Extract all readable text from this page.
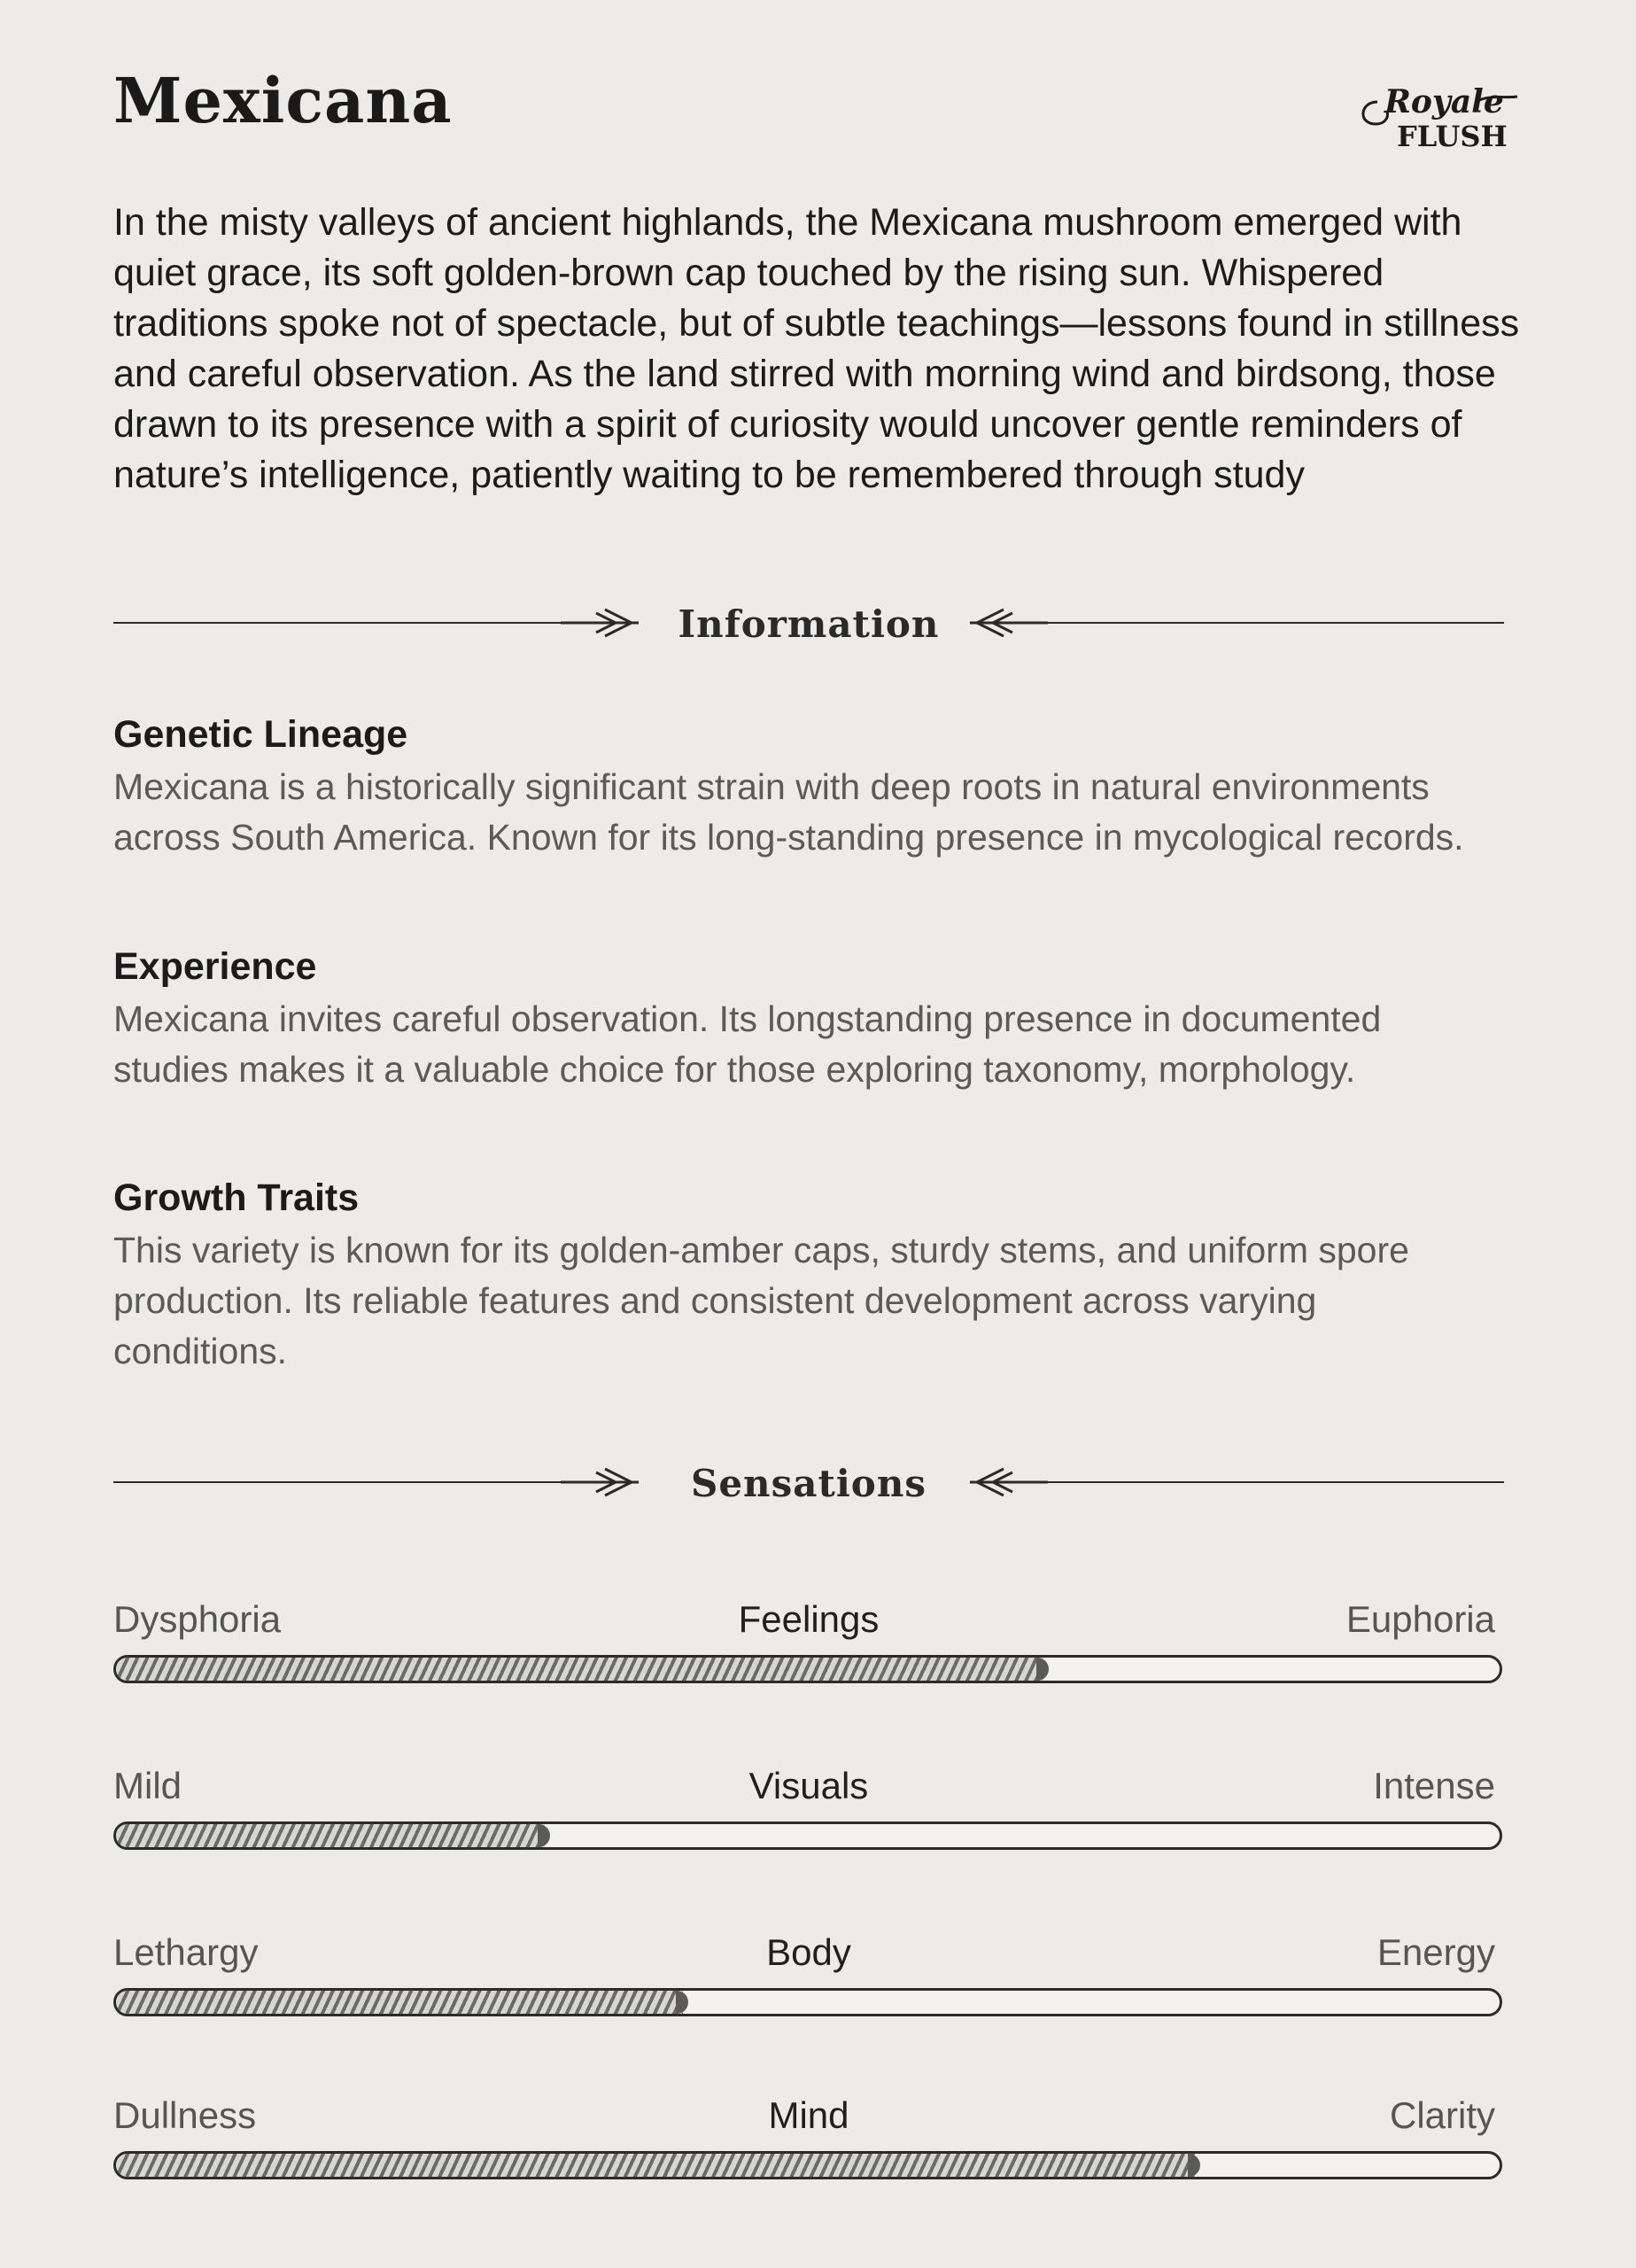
Mexicana	Royale
FLUSH

In the misty valleys of ancient highlands, the Mexicana mushroom emerged with quiet grace, its soft golden-brown cap touched by the rising sun. Whispered traditions spoke not of spectacle, but of subtle teachings—lessons found in stillness and careful observation. As the land stirred with morning wind and birdsong, those drawn to its presence with a spirit of curiosity would uncover gentle reminders of nature’s intelligence, patiently waiting to be remembered through study

Information
Genetic Lineage

Mexicana is a historically significant strain with deep roots in natural environments across South America. Known for its long-standing presence in mycological records.

Experience

Mexicana invites careful observation. Its longstanding presence in documented studies makes it a valuable choice for those exploring taxonomy, morphology.

Growth Traits

This variety is known for its golden-amber caps, sturdy stems, and uniform spore production. Its reliable features and consistent development across varying conditions.

Sensations
Dysphoria	Feelings	Euphoria
Mild	Visuals	Intense
Lethargy	Body	Energy
Dullness	Mind	Clarity
